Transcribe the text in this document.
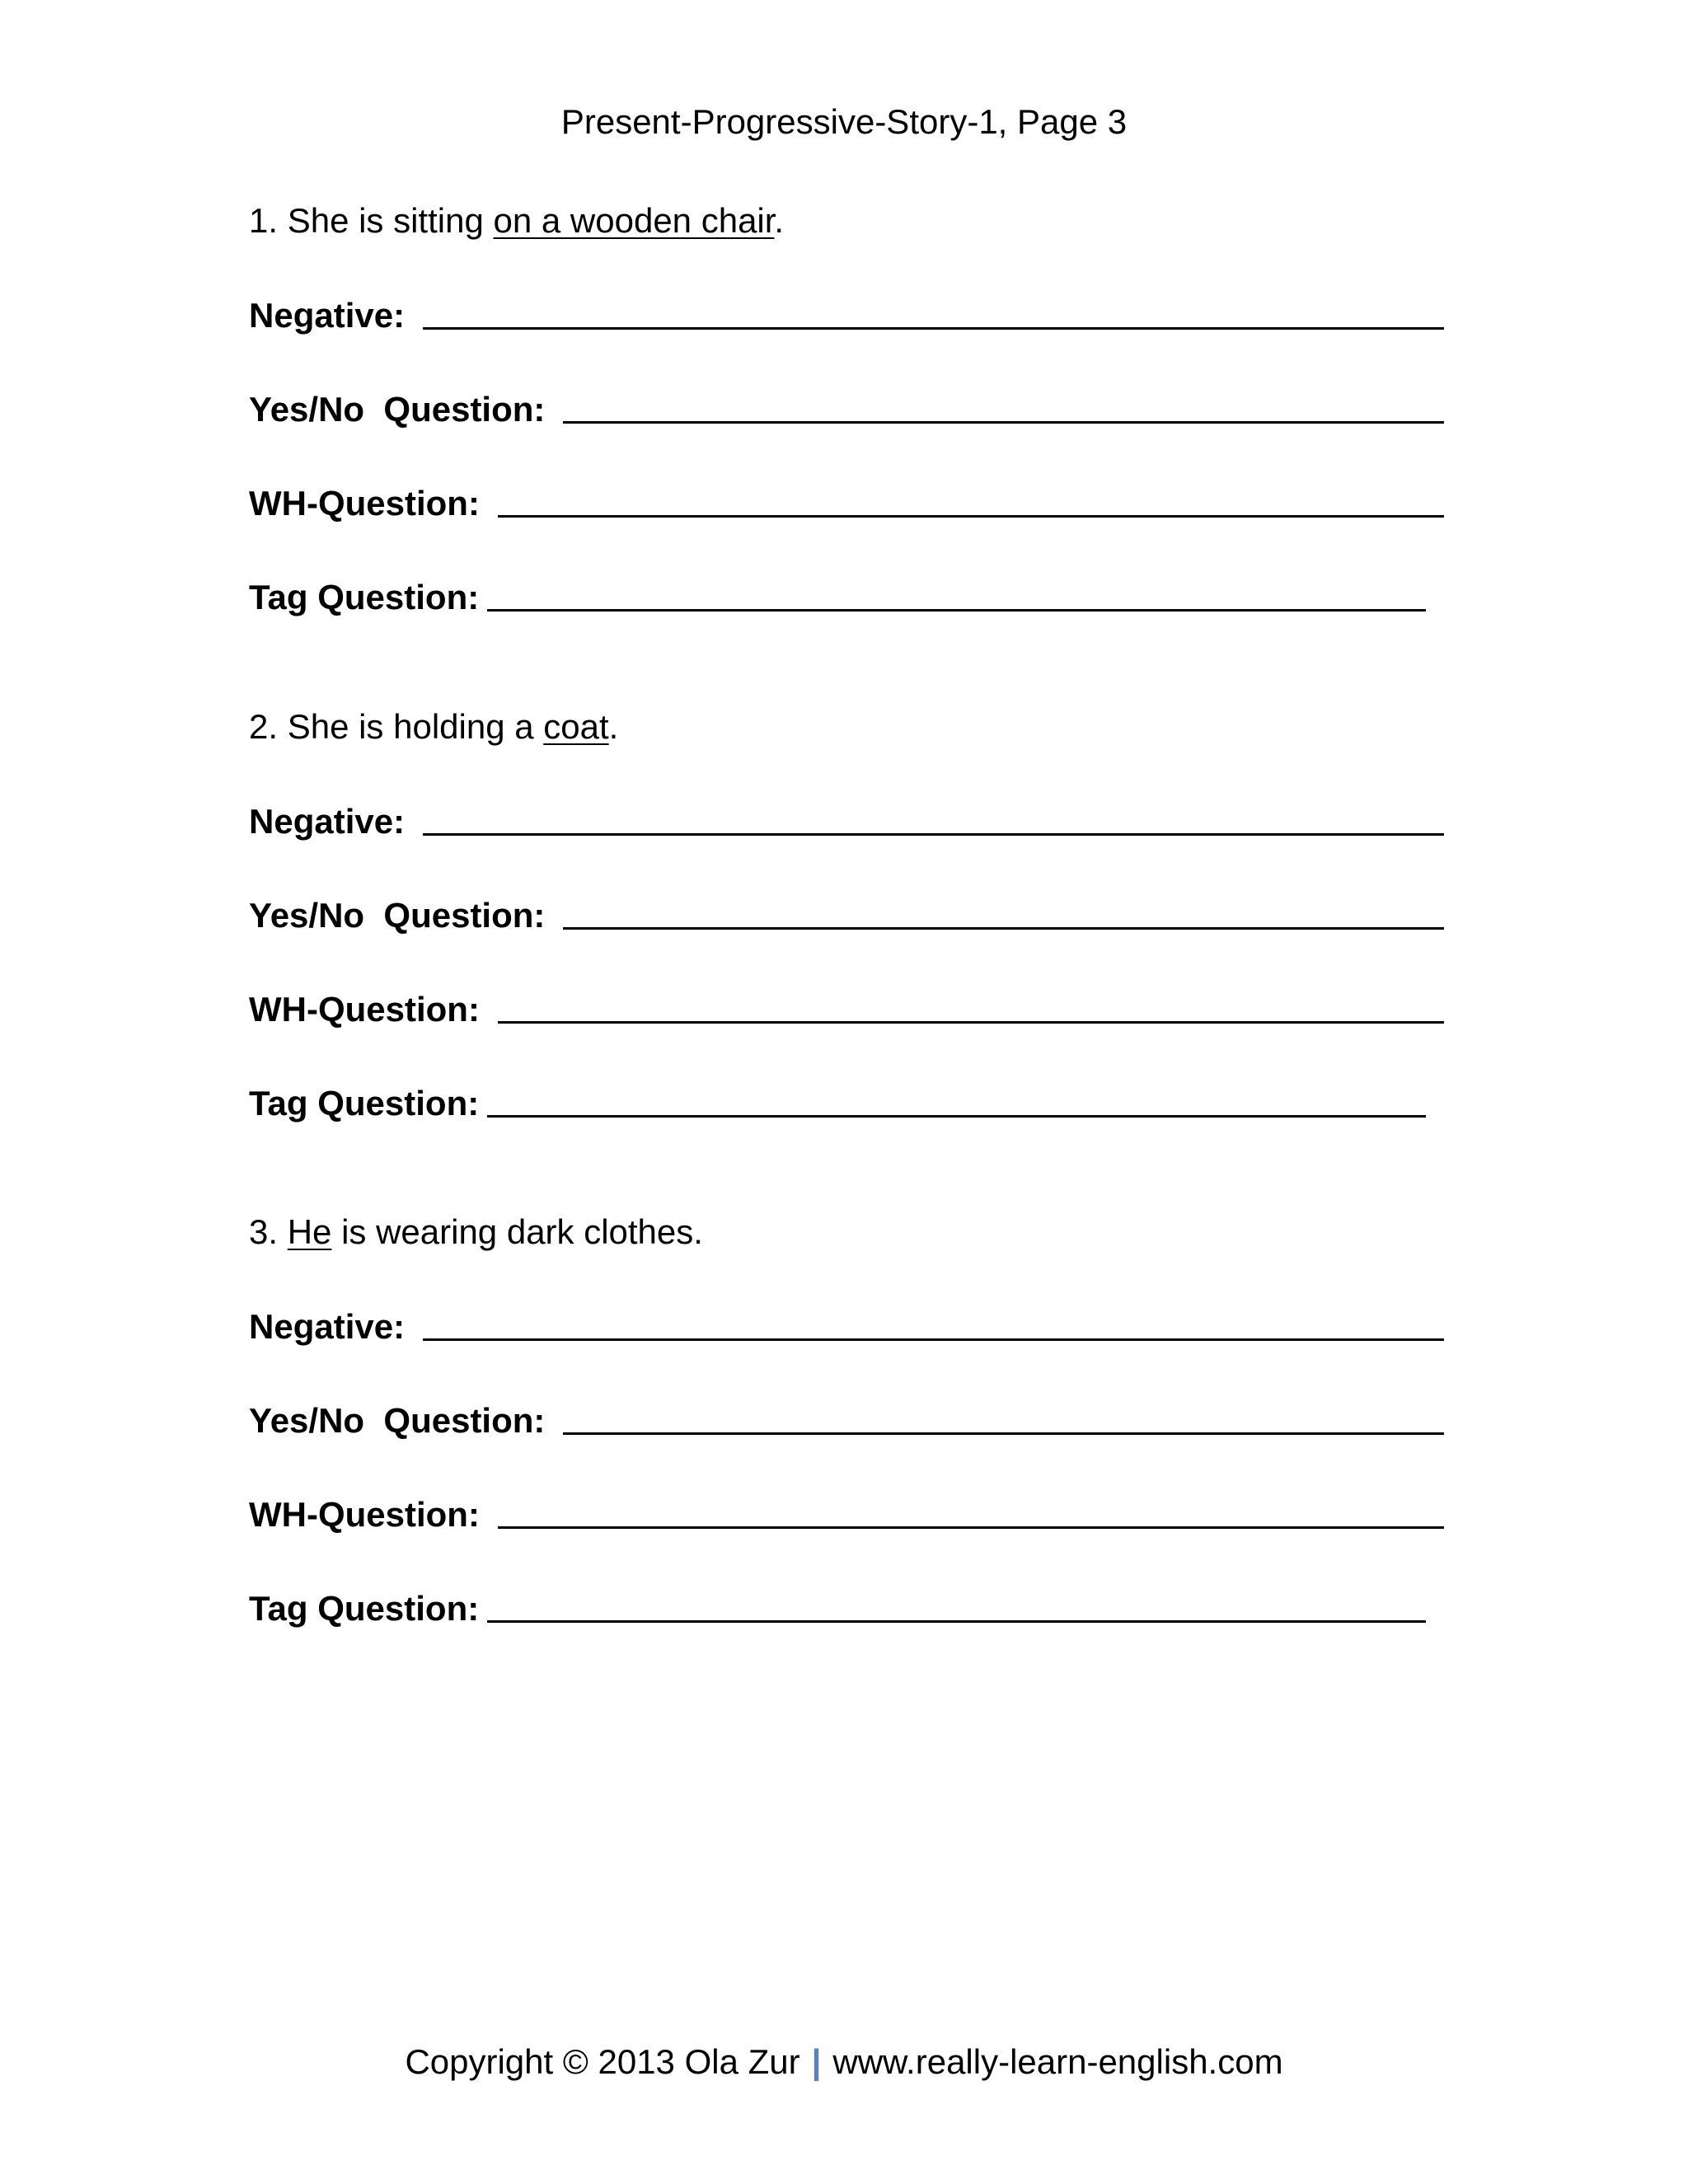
Present-Progressive-Story-1, Page 3
1. She is sitting on a wooden chair.
Negative:
Yes/No  Question:
WH-Question:
Tag Question:
2. She is holding a coat.
Negative:
Yes/No  Question:
WH-Question:
Tag Question:
3. He is wearing dark clothes.
Negative:
Yes/No  Question:
WH-Question:
Tag Question:
Copyright © 2013 Ola Zur | www.really-learn-english.com
